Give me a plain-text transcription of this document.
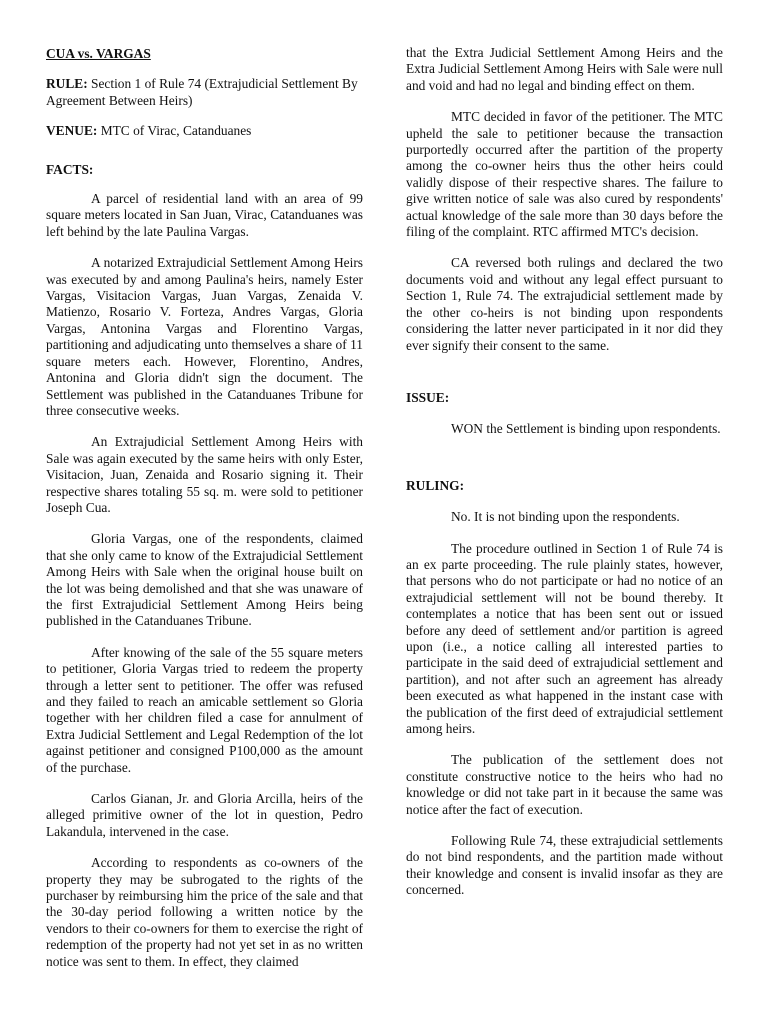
CUA vs. VARGAS
RULE: Section 1 of Rule 74 (Extrajudicial Settlement By Agreement Between Heirs)
VENUE: MTC of Virac, Catanduanes
FACTS:

A parcel of residential land with an area of 99 square meters located in San Juan, Virac, Catanduanes was left behind by the late Paulina Vargas.

A notarized Extrajudicial Settlement Among Heirs was executed by and among Paulina's heirs, namely Ester Vargas, Visitacion Vargas, Juan Vargas, Zenaida V. Matienzo, Rosario V. Forteza, Andres Vargas, Gloria Vargas, Antonina Vargas and Florentino Vargas, partitioning and adjudicating unto themselves a share of 11 square meters each. However, Florentino, Andres, Antonina and Gloria didn't sign the document. The Settlement was published in the Catanduanes Tribune for three consecutive weeks.

An Extrajudicial Settlement Among Heirs with Sale was again executed by the same heirs with only Ester, Visitacion, Juan, Zenaida and Rosario signing it. Their respective shares totaling 55 sq. m. were sold to petitioner Joseph Cua.

Gloria Vargas, one of the respondents, claimed that she only came to know of the Extrajudicial Settlement Among Heirs with Sale when the original house built on the lot was being demolished and that she was unaware of the first Extrajudicial Settlement Among Heirs being published in the Catanduanes Tribune.

After knowing of the sale of the 55 square meters to petitioner, Gloria Vargas tried to redeem the property through a letter sent to petitioner. The offer was refused and they failed to reach an amicable settlement so Gloria together with her children filed a case for annulment of Extra Judicial Settlement and Legal Redemption of the lot against petitioner and consigned P100,000 as the amount of the purchase.

Carlos Gianan, Jr. and Gloria Arcilla, heirs of the alleged primitive owner of the lot in question, Pedro Lakandula, intervened in the case.

According to respondents as co-owners of the property they may be subrogated to the rights of the purchaser by reimbursing him the price of the sale and that the 30-day period following a written notice by the vendors to their co-owners for them to exercise the right of redemption of the property had not yet set in as no written notice was sent to them. In effect, they claimed

that the Extra Judicial Settlement Among Heirs and the Extra Judicial Settlement Among Heirs with Sale were null and void and had no legal and binding effect on them.

MTC decided in favor of the petitioner. The MTC upheld the sale to petitioner because the transaction purportedly occurred after the partition of the property among the co-owner heirs thus the other heirs could validly dispose of their respective shares. The failure to give written notice of sale was also cured by respondents' actual knowledge of the sale more than 30 days before the filing of the complaint. RTC affirmed MTC's decision.

CA reversed both rulings and declared the two documents void and without any legal effect pursuant to Section 1, Rule 74. The extrajudicial settlement made by the other co-heirs is not binding upon respondents considering the latter never participated in it nor did they ever signify their consent to the same.

ISSUE:

WON the Settlement is binding upon respondents.

RULING:

No. It is not binding upon the respondents.

The procedure outlined in Section 1 of Rule 74 is an ex parte proceeding. The rule plainly states, however, that persons who do not participate or had no notice of an extrajudicial settlement will not be bound thereby. It contemplates a notice that has been sent out or issued before any deed of settlement and/or partition is agreed upon (i.e., a notice calling all interested parties to participate in the said deed of extrajudicial settlement and partition), and not after such an agreement has already been executed as what happened in the instant case with the publication of the first deed of extrajudicial settlement among heirs.

The publication of the settlement does not constitute constructive notice to the heirs who had no knowledge or did not take part in it because the same was notice after the fact of execution.

Following Rule 74, these extrajudicial settlements do not bind respondents, and the partition made without their knowledge and consent is invalid insofar as they are concerned.
